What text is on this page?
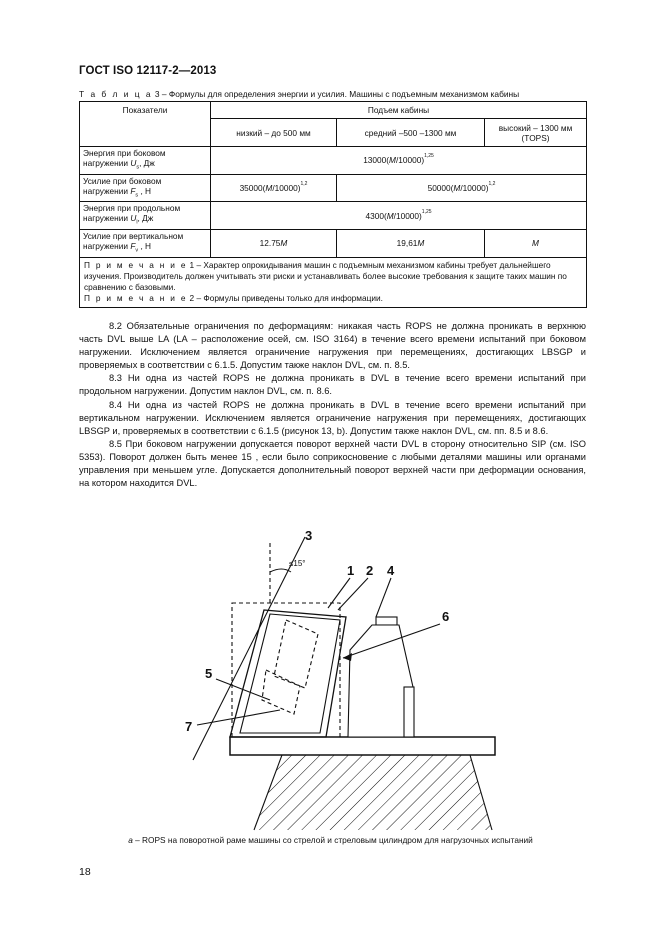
ГОСТ ISO 12117-2—2013
Т а б л и ц а 3 – Формулы для определения энергии и усилия. Машины с подъемным механизмом кабины
Показатели	Подъем кабины		
	низкий – до 500 мм	средний –500 –1300 мм	высокий – 1300 мм (TOPS)
Энергия при боковом нагружении $U_s$, Дж	$13000(M/10000)^{1,25}$
Усилие при боковом нагружении $F_s$ , Н	$35000(M/10000)^{1,2}$	$50000(M/10000)^{1,2}$
Энергия при продольном нагружении $U_l$, Дж	$4300(M/10000)^{1,25}$
Усилие при вертикальном нагружении $F_v$ , Н	12.75M	19,61M	M

П р и м е ч а н и е 1 – Характер опрокидывания машин с подъемным механизмом кабины требует дальнейшего изучения. Производитель должен учитывать эти риски и устанавливать более высокие требования к защите таких машин по сравнению с базовыми.
П р и м е ч а н и е 2 – Формулы приведены только для информации.			

8.2 Обязательные ограничения по деформациям: никакая часть ROPS не должна проникать в верхнюю часть DVL выше LA (LA – расположение осей, см. ISO 3164) в течение всего времени испытаний при боковом нагружении. Исключением является ограничение нагружения при перемещениях, достигающих LBSGP и проверяемых в соответствии с 6.1.5. Допустим также наклон DVL, см. п. 8.5.

8.3 Ни одна из частей ROPS не должна проникать в DVL в течение всего времени испытаний при продольном нагружении. Допустим наклон DVL, см. п. 8.6.

8.4 Ни одна из частей ROPS не должна проникать в DVL в течение всего времени испытаний при вертикальном нагружении. Исключением является ограничение нагружения при перемещениях, достигающих LBSGP и, проверяемых в соответствии с 6.1.5 (рисунок 13, b). Допустим также наклон DVL, см. пп. 8.5 и 8.6.

8.5 При боковом нагружении допускается поворот верхней части DVL в сторону относительно SIP (см. ISO 5353). Поворот должен быть менее 15 , если было соприкосновение с любыми деталями машины или органами управления при меньшем угле. Допускается дополнительный поворот верхней части при деформации основания, на котором находится DVL.

3
≤15°	1 2 4
6
5
7
а – ROPS на поворотной раме машины со стрелой и стреловым цилиндром для нагрузочных испытаний
18
